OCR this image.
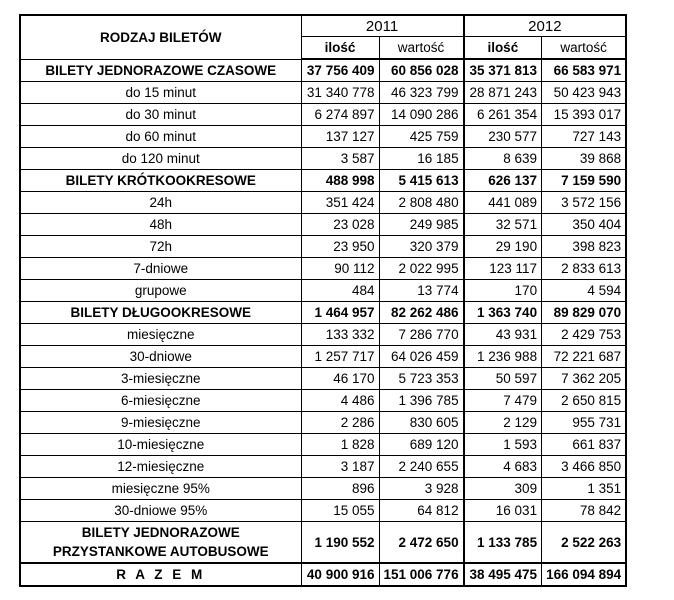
RODZAJ BILETÓW	2011		2012	
	ilość	wartość	ilość	wartość
BILETY JEDNORAZOWE CZASOWE	37 756 409	60 856 028	35 371 813	66 583 971
do 15 minut	31 340 778	46 323 799	28 871 243	50 423 943
do 30 minut	6 274 897	14 090 286	6 261 354	15 393 017
do 60 minut	137 127	425 759	230 577	727 143
do 120 minut	3 587	16 185	8 639	39 868
BILETY KRÓTKOOKRESOWE	488 998	5 415 613	626 137	7 159 590
24h	351 424	2 808 480	441 089	3 572 156
48h	23 028	249 985	32 571	350 404
72h	23 950	320 379	29 190	398 823
7-dniowe	90 112	2 022 995	123 117	2 833 613
grupowe	484	13 774	170	4 594
BILETY DŁUGOOKRESOWE	1 464 957	82 262 486	1 363 740	89 829 070
miesięczne	133 332	7 286 770	43 931	2 429 753
30-dniowe	1 257 717	64 026 459	1 236 988	72 221 687
3-miesięczne	46 170	5 723 353	50 597	7 362 205
6-miesięczne	4 486	1 396 785	7 479	2 650 815
9-miesięczne	2 286	830 605	2 129	955 731
10-miesięczne	1 828	689 120	1 593	661 837
12-miesięczne	3 187	2 240 655	4 683	3 466 850
miesięczne 95%	896	3 928	309	1 351
30-dniowe 95%	15 055	64 812	16 031	78 842
BILETY JEDNORAZOWE
PRZYSTANKOWE AUTOBUSOWE	1 190 552	2 472 650	1 133 785	2 522 263
R A Z E M	40 900 916	151 006 776	38 495 475	166 094 894
